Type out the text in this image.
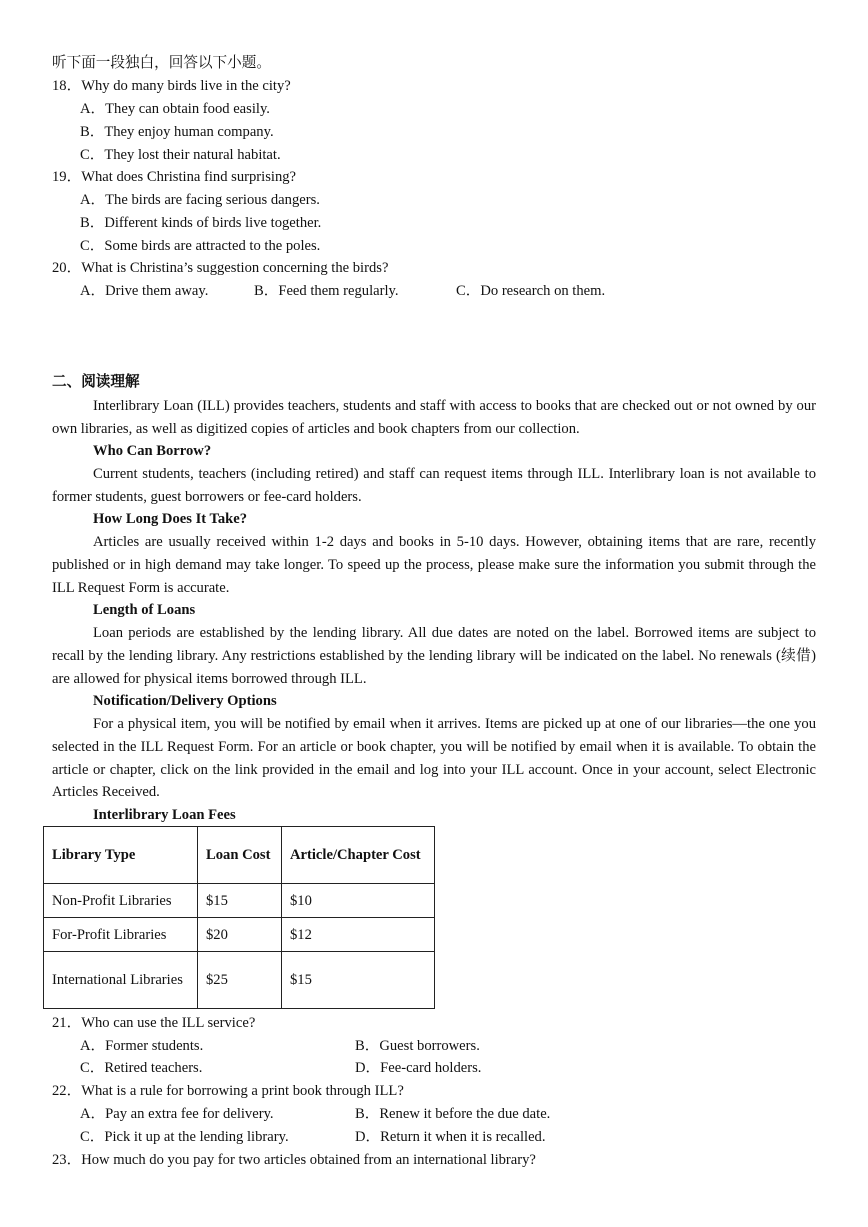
听下面一段独白，回答以下小题。
18．Why do many birds live in the city?
A．They can obtain food easily.
B．They enjoy human company.
C．They lost their natural habitat.
19．What does Christina find surprising?
A．The birds are facing serious dangers.
B．Different kinds of birds live together.
C．Some birds are attracted to the poles.
20．What is Christina’s suggestion concerning the birds?
A．Drive them away.	B．Feed them regularly.	C．Do research on them.
二、阅读理解
Interlibrary Loan (ILL) provides teachers, students and staff with access to books that are checked out or not owned by our own libraries, as well as digitized copies of articles and book chapters from our collection.
Who Can Borrow?
Current students, teachers (including retired) and staff can request items through ILL. Interlibrary loan is not available to former students, guest borrowers or fee-card holders.
How Long Does It Take?
Articles are usually received within 1-2 days and books in 5-10 days. However, obtaining items that are rare, recently published or in high demand may take longer. To speed up the process, please make sure the information you submit through the ILL Request Form is accurate.
Length of Loans
Loan periods are established by the lending library. All due dates are noted on the label. Borrowed items are subject to recall by the lending library. Any restrictions established by the lending library will be indicated on the label. No renewals (续借) are allowed for physical items borrowed through ILL.
Notification/Delivery Options
For a physical item, you will be notified by email when it arrives. Items are picked up at one of our libraries—the one you selected in the ILL Request Form. For an article or book chapter, you will be notified by email when it is available. To obtain the article or chapter, click on the link provided in the email and log into your ILL account. Once in your account, select Electronic Articles Received.
Interlibrary Loan Fees
Library Type	Loan Cost	Article/Chapter Cost
Non-Profit Libraries	$15	$10
For-Profit Libraries	$20	$12
International Libraries	$25	$15
21．Who can use the ILL service?
A．Former students.	B．Guest borrowers.
C．Retired teachers.	D．Fee-card holders.
22．What is a rule for borrowing a print book through ILL?
A．Pay an extra fee for delivery.	B．Renew it before the due date.
C．Pick it up at the lending library.	D．Return it when it is recalled.
23．How much do you pay for two articles obtained from an international library?
